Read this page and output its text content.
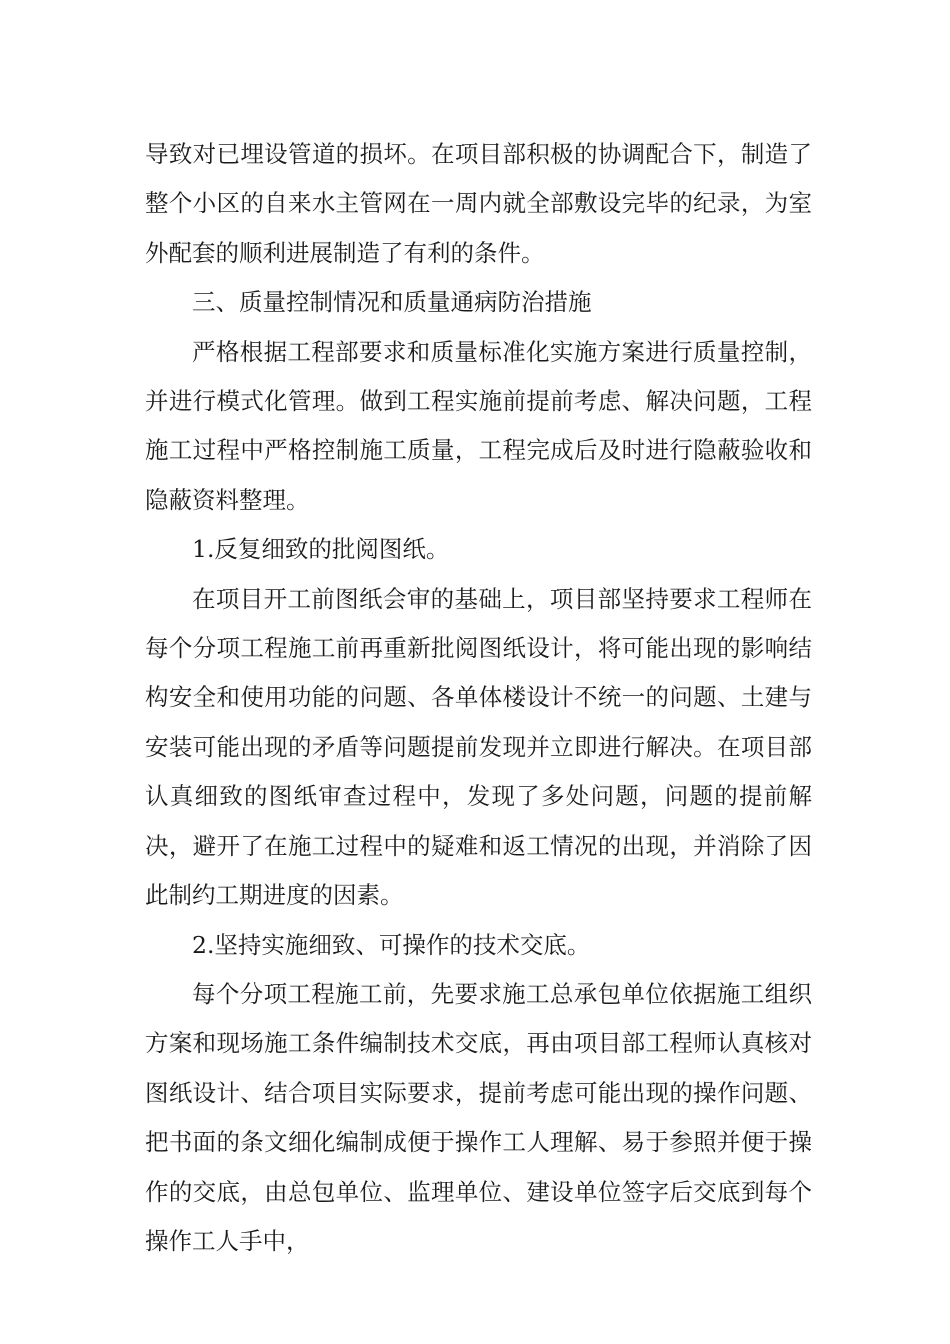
导致对已埋设管道的损坏。在项目部积极的协调配合下，制造了整个小区的自来水主管网在一周内就全部敷设完毕的纪录，为室外配套的顺利进展制造了有利的条件。

三、质量控制情况和质量通病防治措施

严格根据工程部要求和质量标准化实施方案进行质量控制，并进行模式化管理。做到工程实施前提前考虑、解决问题，工程施工过程中严格控制施工质量，工程完成后及时进行隐蔽验收和隐蔽资料整理。

1.反复细致的批阅图纸。

在项目开工前图纸会审的基础上，项目部坚持要求工程师在每个分项工程施工前再重新批阅图纸设计，将可能出现的影响结构安全和使用功能的问题、各单体楼设计不统一的问题、土建与安装可能出现的矛盾等问题提前发现并立即进行解决。在项目部认真细致的图纸审查过程中，发现了多处问题，问题的提前解决，避开了在施工过程中的疑难和返工情况的出现，并消除了因此制约工期进度的因素。

2.坚持实施细致、可操作的技术交底。

每个分项工程施工前，先要求施工总承包单位依据施工组织方案和现场施工条件编制技术交底，再由项目部工程师认真核对图纸设计、结合项目实际要求，提前考虑可能出现的操作问题、把书面的条文细化编制成便于操作工人理解、易于参照并便于操作的交底，由总包单位、监理单位、建设单位签字后交底到每个操作工人手中，
